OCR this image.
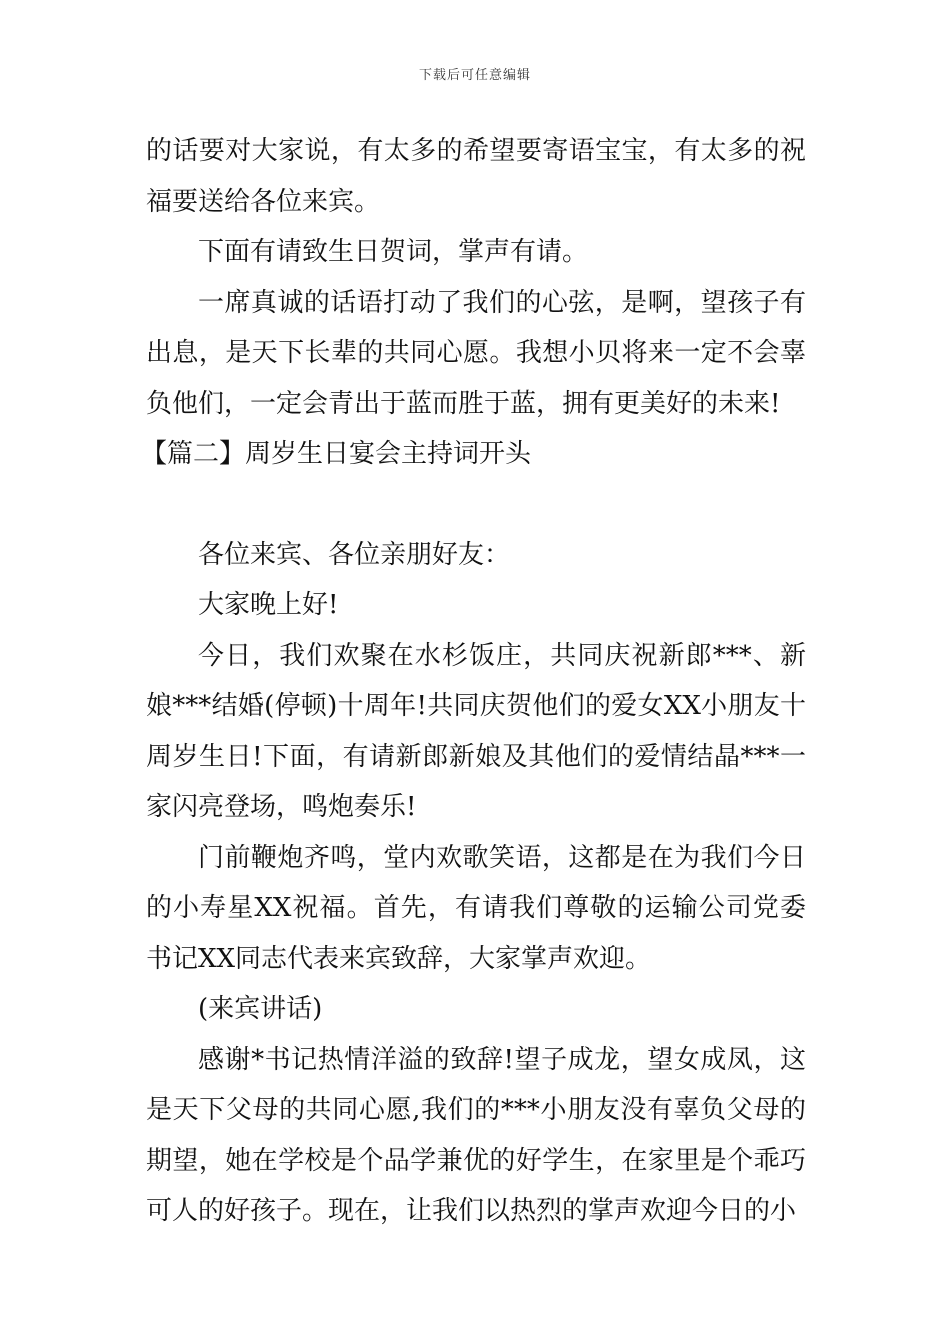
下载后可任意编辑

的话要对大家说，有太多的希望要寄语宝宝，有太多的祝福要送给各位来宾。

下面有请致生日贺词，掌声有请。

一席真诚的话语打动了我们的心弦，是啊，望孩子有出息，是天下长辈的共同心愿。我想小贝将来一定不会辜负他们，一定会青出于蓝而胜于蓝，拥有更美好的未来!

【篇二】周岁生日宴会主持词开头

各位来宾、各位亲朋好友：

大家晚上好!

今日，我们欢聚在水杉饭庄，共同庆祝新郎***、新娘***结婚(停顿)十周年!共同庆贺他们的爱女XX小朋友十周岁生日!下面，有请新郎新娘及其他们的爱情结晶***一家闪亮登场，鸣炮奏乐!

门前鞭炮齐鸣，堂内欢歌笑语，这都是在为我们今日的小寿星XX祝福。首先，有请我们尊敬的运输公司党委书记XX同志代表来宾致辞，大家掌声欢迎。

(来宾讲话)

感谢*书记热情洋溢的致辞!望子成龙，望女成凤，这是天下父母的共同心愿,我们的***小朋友没有辜负父母的期望，她在学校是个品学兼优的好学生，在家里是个乖巧可人的好孩子。现在，让我们以热烈的掌声欢迎今日的小
